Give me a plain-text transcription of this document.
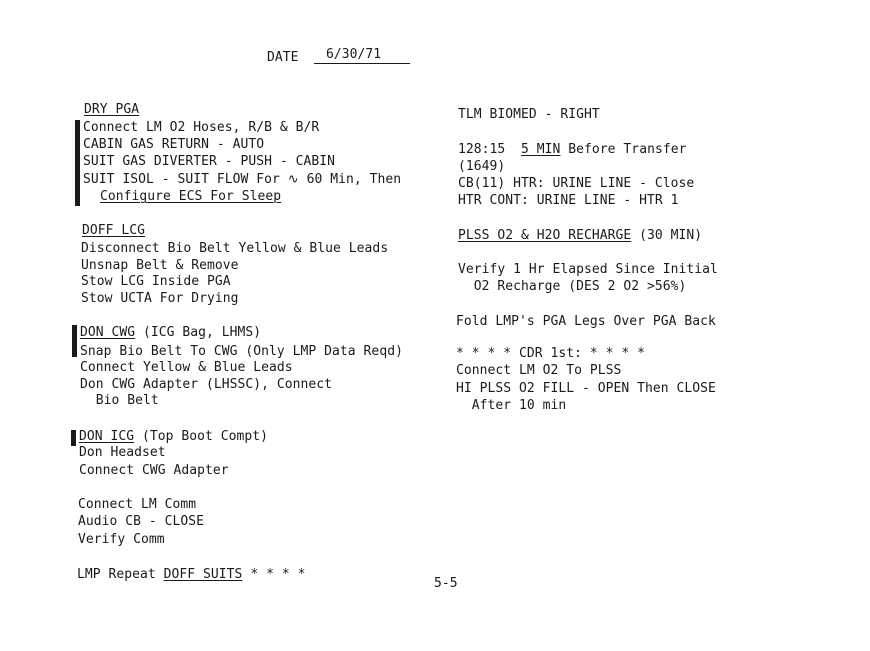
DATE 6/30/71
DRY PGA
Connect LM O2 Hoses, R/B & B/R
CABIN GAS RETURN - AUTO
SUIT GAS DIVERTER - PUSH - CABIN
SUIT ISOL - SUIT FLOW For ∿ 60 Min, Then
Configure ECS For Sleep
DOFF LCG
Disconnect Bio Belt Yellow & Blue Leads
Unsnap Belt & Remove
Stow LCG Inside PGA
Stow UCTA For Drying
DON CWG (ICG Bag, LHMS)
Snap Bio Belt To CWG (Only LMP Data Reqd)
Connect Yellow & Blue Leads
Don CWG Adapter (LHSSC), Connect
Bio Belt
DON ICG (Top Boot Compt)
Don Headset
Connect CWG Adapter
Connect LM Comm
Audio CB - CLOSE
Verify Comm
LMP Repeat DOFF SUITS * * * *
TLM BIOMED - RIGHT
128:15 5 MIN Before Transfer
(1649)
CB(11) HTR: URINE LINE - Close
HTR CONT: URINE LINE - HTR 1
PLSS O2 & H2O RECHARGE (30 MIN)
Verify 1 Hr Elapsed Since Initial
O2 Recharge (DES 2 O2 >56%)
Fold LMP's PGA Legs Over PGA Back
* * * * CDR 1st: * * * *
Connect LM O2 To PLSS
HI PLSS O2 FILL - OPEN Then CLOSE
After 10 min
5-5
